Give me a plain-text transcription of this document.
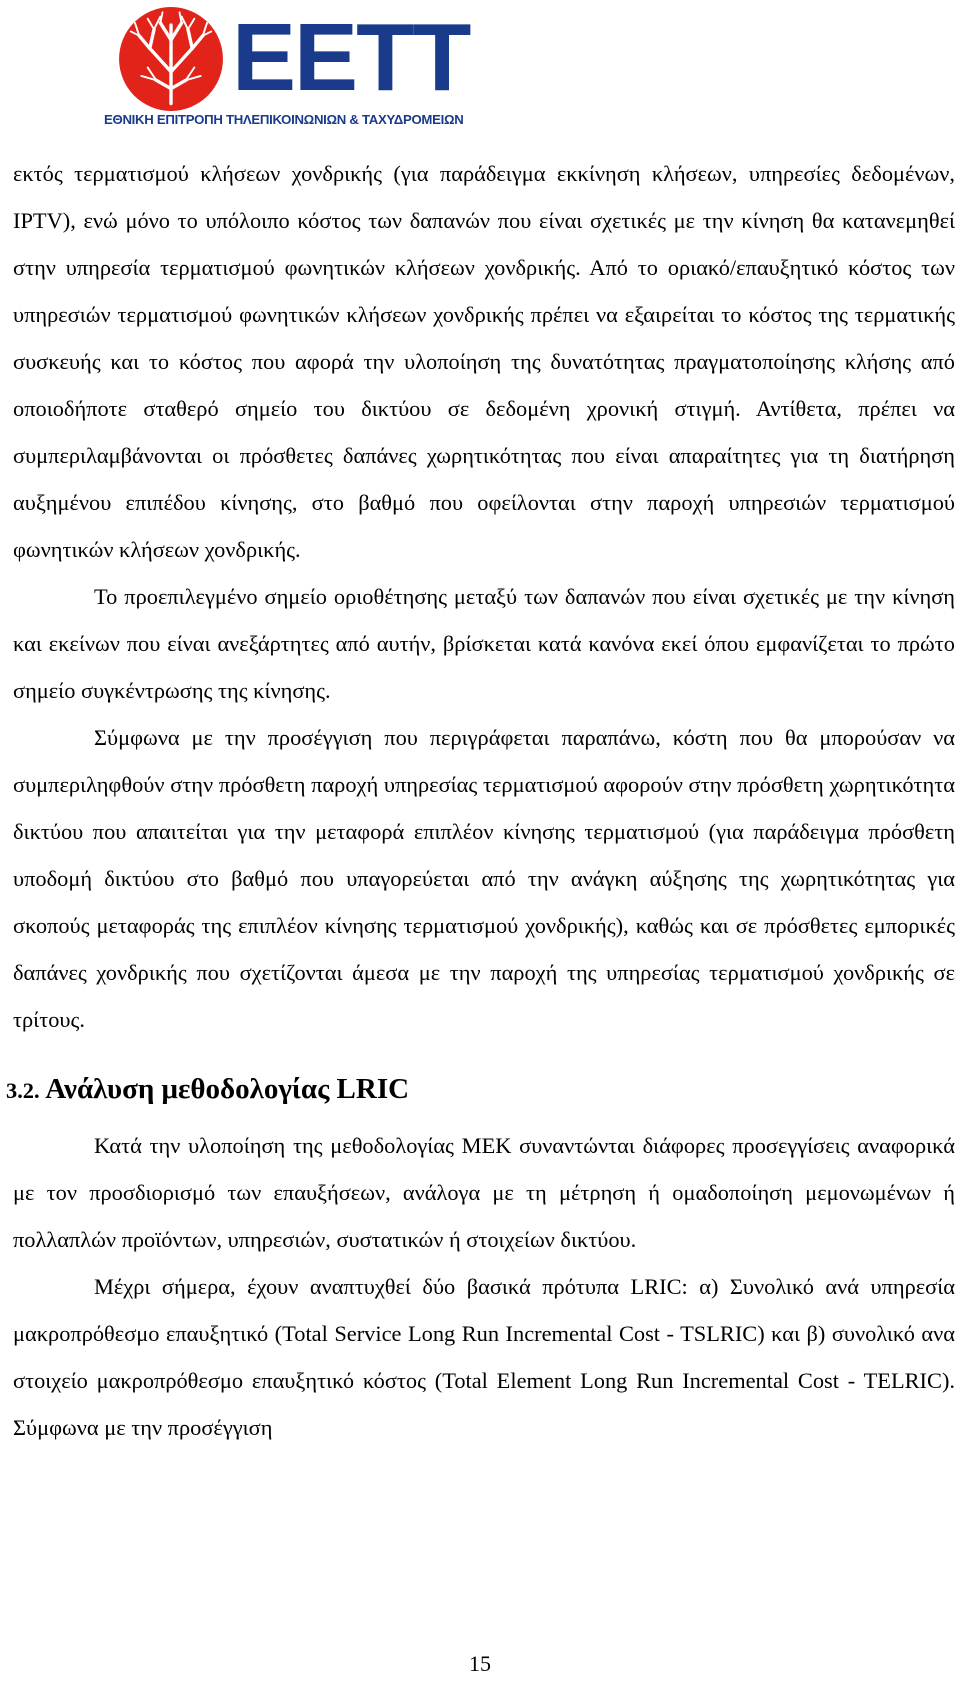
ΕΕΤΤ
ΕΘΝΙΚΗ ΕΠΙΤΡΟΠΗ ΤΗΛΕΠΙΚΟΙΝΩΝΙΩΝ & ΤΑΧΥΔΡΟΜΕΙΩΝ

εκτός τερματισμού κλήσεων χονδρικής (για παράδειγμα εκκίνηση κλήσεων, υπηρεσίες δεδομένων, IPTV), ενώ μόνο το υπόλοιπο κόστος των δαπανών που είναι σχετικές με την κίνηση θα κατανεμηθεί στην υπηρεσία τερματισμού φωνητικών κλήσεων χονδρικής. Από το οριακό/επαυξητικό κόστος των υπηρεσιών τερματισμού φωνητικών κλήσεων χονδρικής πρέπει να εξαιρείται το κόστος της τερματικής συσκευής και το κόστος που αφορά την υλοποίηση της δυνατότητας πραγματοποίησης κλήσης από οποιοδήποτε σταθερό σημείο του δικτύου σε δεδομένη χρονική στιγμή. Αντίθετα, πρέπει να συμπεριλαμβάνονται οι πρόσθετες δαπάνες χωρητικότητας που είναι απαραίτητες για τη διατήρηση αυξημένου επιπέδου κίνησης, στο βαθμό που οφείλονται στην παροχή υπηρεσιών τερματισμού φωνητικών κλήσεων χονδρικής.

Το προεπιλεγμένο σημείο οριοθέτησης μεταξύ των δαπανών που είναι σχετικές με την κίνηση και εκείνων που είναι ανεξάρτητες από αυτήν, βρίσκεται κατά κανόνα εκεί όπου εμφανίζεται το πρώτο σημείο συγκέντρωσης της κίνησης.

Σύμφωνα με την προσέγγιση που περιγράφεται παραπάνω, κόστη που θα μπορούσαν να συμπεριληφθούν στην πρόσθετη παροχή υπηρεσίας τερματισμού αφορούν στην πρόσθετη χωρητικότητα δικτύου που απαιτείται για την μεταφορά επιπλέον κίνησης τερματισμού (για παράδειγμα πρόσθετη υποδομή δικτύου στο βαθμό που υπαγορεύεται από την ανάγκη αύξησης της χωρητικότητας για σκοπούς μεταφοράς της επιπλέον κίνησης τερματισμού χονδρικής), καθώς και σε πρόσθετες εμπορικές δαπάνες χονδρικής που σχετίζονται άμεσα με την παροχή της υπηρεσίας τερματισμού χονδρικής σε τρίτους.

3.2. Ανάλυση μεθοδολογίας LRIC

Κατά την υλοποίηση της μεθοδολογίας ΜΕΚ συναντώνται διάφορες προσεγγίσεις αναφορικά με τον προσδιορισμό των επαυξήσεων, ανάλογα με τη μέτρηση ή ομαδοποίηση μεμονωμένων ή πολλαπλών προϊόντων, υπηρεσιών, συστατικών ή στοιχείων δικτύου.

Μέχρι σήμερα, έχουν αναπτυχθεί δύο βασικά πρότυπα LRIC: α) Συνολικό ανά υπηρεσία μακροπρόθεσμο επαυξητικό (Total Service Long Run Incremental Cost - TSLRIC) και β) συνολικό ανα στοιχείο μακροπρόθεσμο επαυξητικό κόστος (Total Element Long Run Incremental Cost - TELRIC). Σύμφωνα με την προσέγγιση

15
